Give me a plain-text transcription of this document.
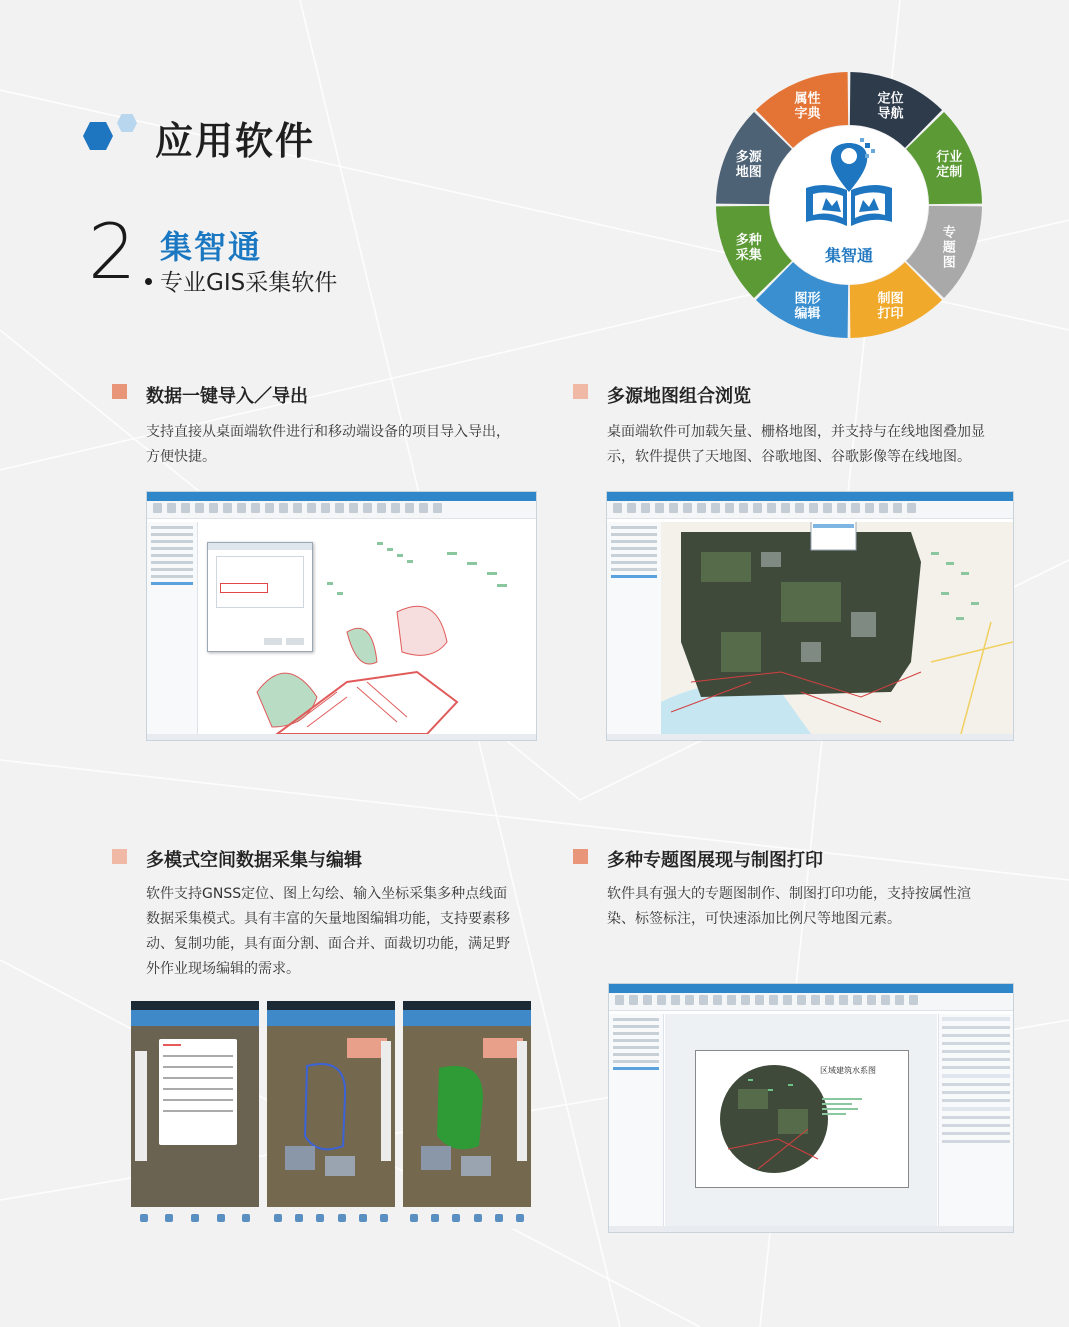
应用软件
2 集智通
专业GIS采集软件
定位导航
行业定制
专题图
制图打印
图形编辑
多种采集
多源地图
属性字典
集智通
数据一键导入／导出
支持直接从桌面端软件进行和移动端设备的项目导入导出，
方便快捷。
多源地图组合浏览
桌面端软件可加载矢量、栅格地图，并支持与在线地图叠加显
示，软件提供了天地图、谷歌地图、谷歌影像等在线地图。
多模式空间数据采集与编辑
软件支持GNSS定位、图上勾绘、输入坐标采集多种点线面
数据采集模式。具有丰富的矢量地图编辑功能，支持要素移
动、复制功能，具有面分割、面合并、面裁切功能，满足野
外作业现场编辑的需求。
多种专题图展现与制图打印
软件具有强大的专题图制作、制图打印功能，支持按属性渲
染、标签标注，可快速添加比例尺等地图元素。
区域建筑水系图
